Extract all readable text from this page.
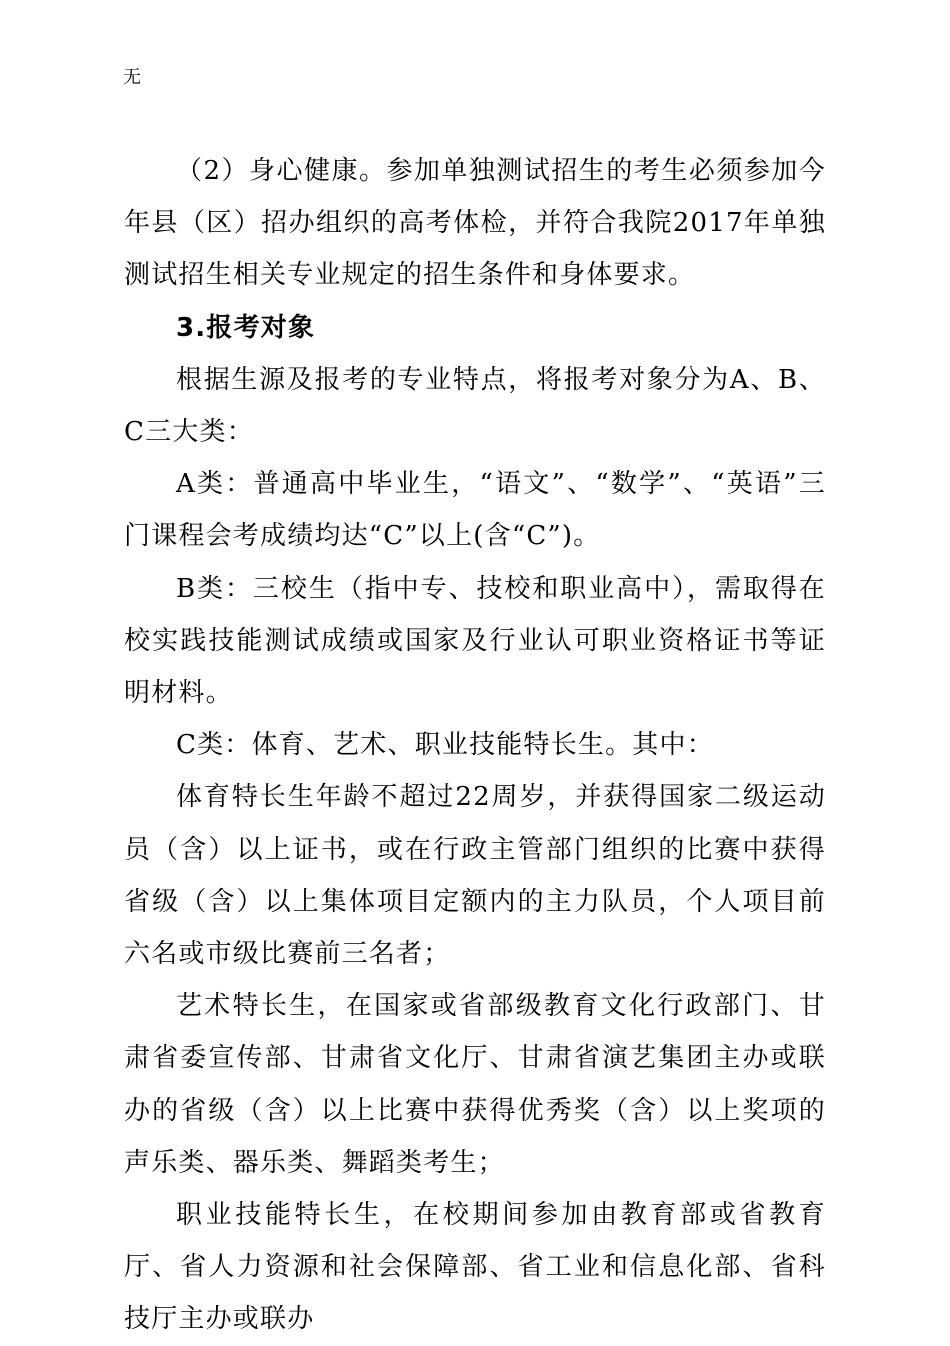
无

（2）身心健康。参加单独测试招生的考生必须参加今年县（区）招办组织的高考体检，并符合我院2017年单独测试招生相关专业规定的招生条件和身体要求。

3.报考对象

根据生源及报考的专业特点，将报考对象分为A、B、C三大类：

A类：普通高中毕业生，“语文”、“数学”、“英语”三门课程会考成绩均达“C”以上(含“C”)。

B类：三校生（指中专、技校和职业高中），需取得在校实践技能测试成绩或国家及行业认可职业资格证书等证明材料。

C类：体育、艺术、职业技能特长生。其中：

体育特长生年龄不超过22周岁，并获得国家二级运动员（含）以上证书，或在行政主管部门组织的比赛中获得省级（含）以上集体项目定额内的主力队员，个人项目前六名或市级比赛前三名者；

艺术特长生，在国家或省部级教育文化行政部门、甘肃省委宣传部、甘肃省文化厅、甘肃省演艺集团主办或联办的省级（含）以上比赛中获得优秀奖（含）以上奖项的声乐类、器乐类、舞蹈类考生；

职业技能特长生，在校期间参加由教育部或省教育厅、省人力资源和社会保障部、省工业和信息化部、省科技厅主办或联办
